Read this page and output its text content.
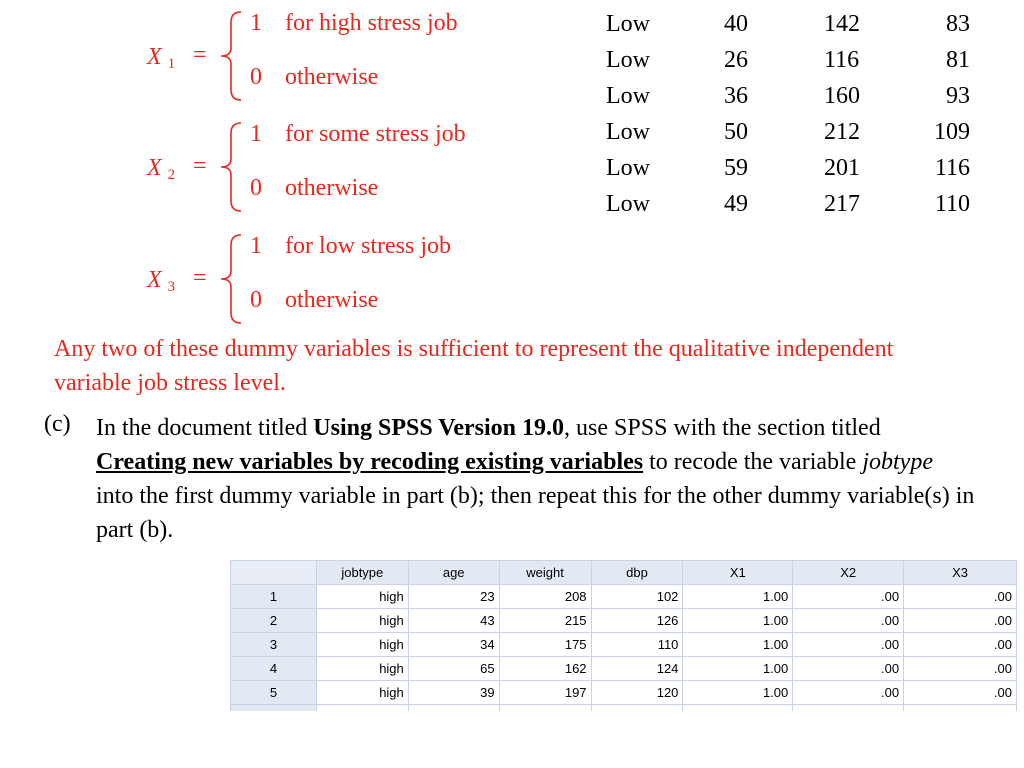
X $_1$ =
1 for high stress job
0 otherwise
X $_2$ =
1 for some stress job
0 otherwise
X $_3$ =
1 for low stress job
0 otherwise
Low	40	142	83
Low	26	116	81
Low	36	160	93
Low	50	212	109
Low	59	201	116
Low	49	217	110
Any two of these dummy variables is sufficient to represent the qualitative independent variable job stress level.
(c) In the document titled Using SPSS Version 19.0, use SPSS with the section titled Creating new variables by recoding existing variables to recode the variable jobtype into the first dummy variable in part (b); then repeat this for the other dummy variable(s) in part (b).
	jobtype	age	weight	dbp	X1	X2	X3
1	high	23	208	102	1.00	.00	.00
2	high	43	215	126	1.00	.00	.00
3	high	34	175	110	1.00	.00	.00
4	high	65	162	124	1.00	.00	.00
5	high	39	197	120	1.00	.00	.00
